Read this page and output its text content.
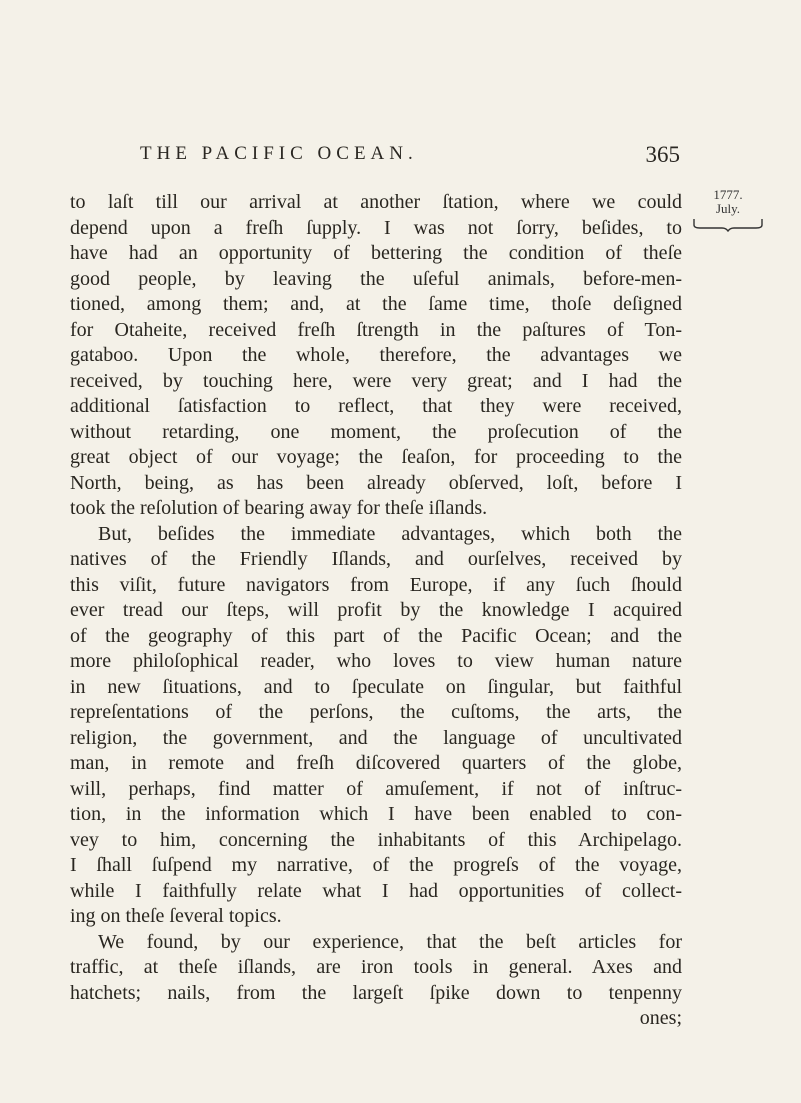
THE PACIFIC OCEAN.	365
1777.
July.
to laſt till our arrival at another ſtation, where we could
depend upon a freſh ſupply. I was not ſorry, beſides, to
have had an opportunity of bettering the condition of theſe
good people, by leaving the uſeful animals, before-men-
tioned, among them; and, at the ſame time, thoſe deſigned
for Otaheite, received freſh ſtrength in the paſtures of Ton-
gataboo. Upon the whole, therefore, the advantages we
received, by touching here, were very great; and I had the
additional ſatisfaction to reflect, that they were received,
without retarding, one moment, the proſecution of the
great object of our voyage; the ſeaſon, for proceeding to the
North, being, as has been already obſerved, loſt, before I
took the reſolution of bearing away for theſe iſlands.
But, beſides the immediate advantages, which both the
natives of the Friendly Iſlands, and ourſelves, received by
this viſit, future navigators from Europe, if any ſuch ſhould
ever tread our ſteps, will profit by the knowledge I acquired
of the geography of this part of the Pacific Ocean; and the
more philoſophical reader, who loves to view human nature
in new ſituations, and to ſpeculate on ſingular, but faithful
repreſentations of the perſons, the cuſtoms, the arts, the
religion, the government, and the language of uncultivated
man, in remote and freſh diſcovered quarters of the globe,
will, perhaps, find matter of amuſement, if not of inſtruc-
tion, in the information which I have been enabled to con-
vey to him, concerning the inhabitants of this Archipelago.
I ſhall ſuſpend my narrative, of the progreſs of the voyage,
while I faithfully relate what I had opportunities of collect-
ing on theſe ſeveral topics.
We found, by our experience, that the beſt articles for
traffic, at theſe iſlands, are iron tools in general. Axes and
hatchets; nails, from the largeſt ſpike down to tenpenny
ones;
